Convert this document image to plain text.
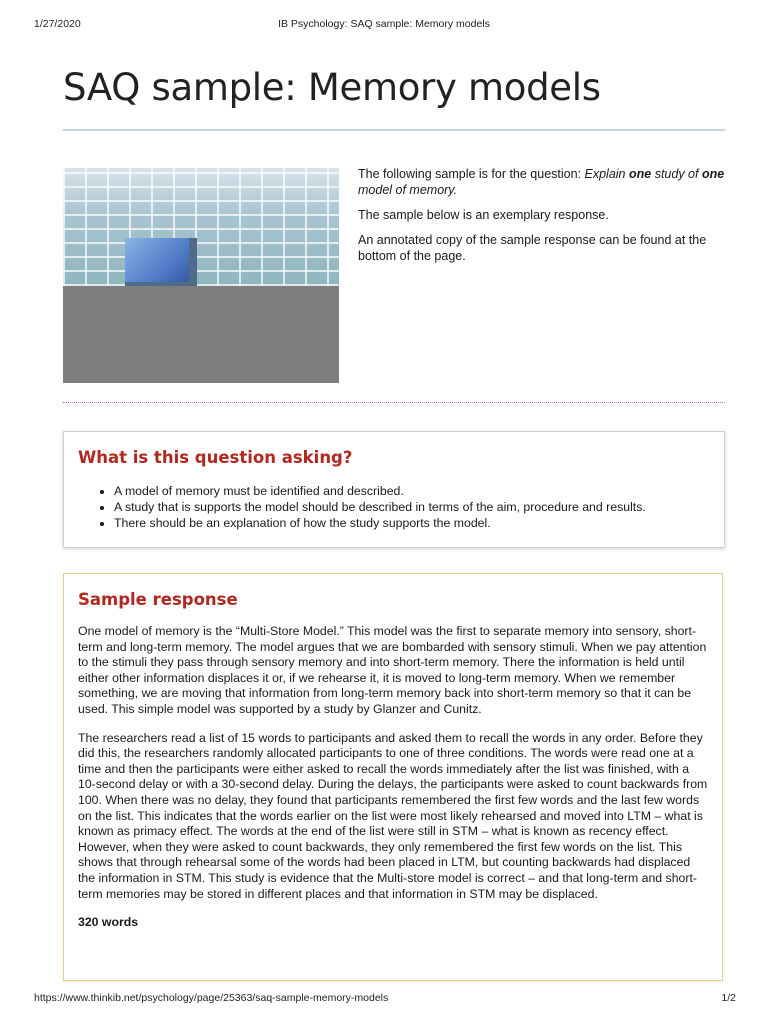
1/27/2020	IB Psychology: SAQ sample: Memory models
SAQ sample: Memory models

The following sample is for the question: Explain one study of one model of memory.

The sample below is an exemplary response.

An annotated copy of the sample response can be found at the bottom of the page.

What is this question asking?
• A model of memory must be identified and described.
• A study that is supports the model should be described in terms of the aim, procedure and results.
• There should be an explanation of how the study supports the model.
Sample response

One model of memory is the “Multi-Store Model.” This model was the first to separate memory into sensory, short-term and long-term memory. The model argues that we are bombarded with sensory stimuli. When we pay attention to the stimuli they pass through sensory memory and into short-term memory. There the information is held until either other information displaces it or, if we rehearse it, it is moved to long-term memory. When we remember something, we are moving that information from long-term memory back into short-term memory so that it can be used. This simple model was supported by a study by Glanzer and Cunitz.

The researchers read a list of 15 words to participants and asked them to recall the words in any order. Before they did this, the researchers randomly allocated participants to one of three conditions. The words were read one at a time and then the participants were either asked to recall the words immediately after the list was finished, with a 10-second delay or with a 30-second delay. During the delays, the participants were asked to count backwards from 100. When there was no delay, they found that participants remembered the first few words and the last few words on the list. This indicates that the words earlier on the list were most likely rehearsed and moved into LTM – what is known as primacy effect. The words at the end of the list were still in STM – what is known as recency effect. However, when they were asked to count backwards, they only remembered the first few words on the list. This shows that through rehearsal some of the words had been placed in LTM, but counting backwards had displaced the information in STM. This study is evidence that the Multi-store model is correct – and that long-term and short-term memories may be stored in different places and that information in STM may be displaced.

320 words
https://www.thinkib.net/psychology/page/25363/saq-sample-memory-models	1/2
